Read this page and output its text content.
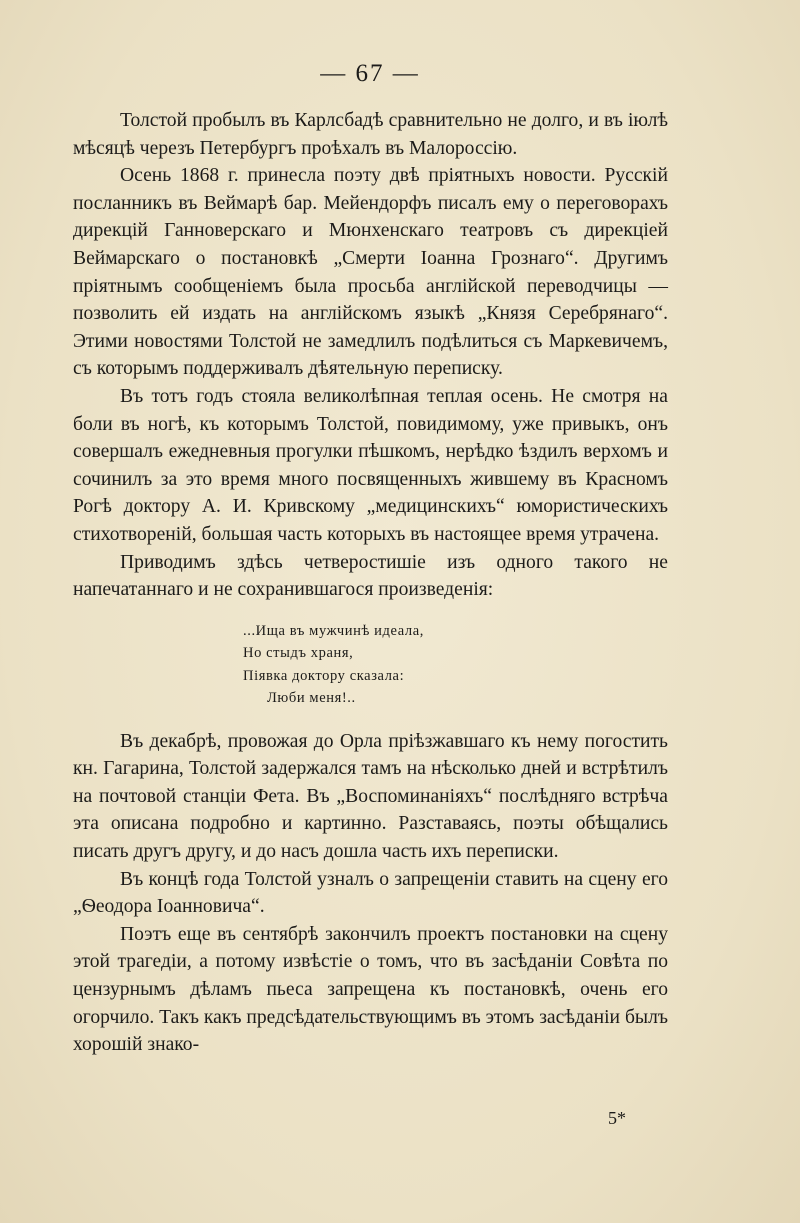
— 67 —

Толстой пробылъ въ Карлсбадѣ сравнительно не долго, и въ іюлѣ мѣсяцѣ черезъ Петербургъ проѣхалъ въ Малороссію.

Осень 1868 г. принесла поэту двѣ пріятныхъ новости. Русскій посланникъ въ Веймарѣ бар. Мейендорфъ писалъ ему о переговорахъ дирекцій Ганноверскаго и Мюнхенскаго театровъ съ дирекціей Веймарскаго о постановкѣ „Смерти Іоанна Грознаго“. Другимъ пріятнымъ сообщеніемъ была просьба англійской переводчицы — позволить ей издать на англійскомъ языкѣ „Князя Серебрянаго“. Этими новостями Толстой не замедлилъ подѣлиться съ Маркевичемъ, съ которымъ поддерживалъ дѣятельную переписку.

Въ тотъ годъ стояла великолѣпная теплая осень. Не смотря на боли въ ногѣ, къ которымъ Толстой, повидимому, уже привыкъ, онъ совершалъ ежедневныя прогулки пѣшкомъ, нерѣдко ѣздилъ верхомъ и сочинилъ за это время много посвященныхъ жившему въ Красномъ Рогѣ доктору А. И. Кривскому „медицинскихъ“ юмористическихъ стихотвореній, большая часть которыхъ въ настоящее время утрачена.

Приводимъ здѣсь четверостишіе изъ одного такого не напечатаннаго и не сохранившагося произведенія:

...Ища въ мужчинѣ идеала,
Но стыдъ храня,
Піявка доктору сказала:
Люби меня!..

Въ декабрѣ, провожая до Орла пріѣзжавшаго къ нему погостить кн. Гагарина, Толстой задержался тамъ на нѣсколько дней и встрѣтилъ на почтовой станціи Фета. Въ „Воспоминаніяхъ“ послѣдняго встрѣча эта описана подробно и картинно. Разставаясь, поэты обѣщались писать другъ другу, и до насъ дошла часть ихъ переписки.

Въ концѣ года Толстой узналъ о запрещеніи ставить на сцену его „Ѳеодора Іоанновича“.

Поэтъ еще въ сентябрѣ закончилъ проектъ постановки на сцену этой трагедіи, а потому извѣстіе о томъ, что въ засѣданіи Совѣта по цензурнымъ дѣламъ пьеса запрещена къ постановкѣ, очень его огорчило. Такъ какъ предсѣдательствующимъ въ этомъ засѣданіи былъ хорошій знако-

5*
